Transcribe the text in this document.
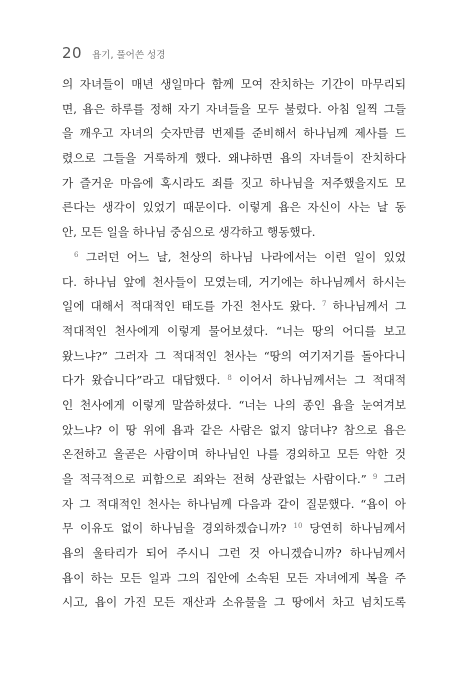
20 욥기, 풀어쓴 성경
의 자녀들이 매년 생일마다 함께 모여 잔치하는 기간이 마무리되
면, 욥은 하루를 정해 자기 자녀들을 모두 불렀다. 아침 일찍 그들
을 깨우고 자녀의 숫자만큼 번제를 준비해서 하나님께 제사를 드
렸으로 그들을 거룩하게 했다. 왜냐하면 욥의 자녀들이 잔치하다
가 즐거운 마음에 혹시라도 죄를 짓고 하나님을 저주했을지도 모
른다는 생각이 있었기 때문이다. 이렇게 욥은 자신이 사는 날 동
안, 모든 일을 하나님 중심으로 생각하고 행동했다.
$^6$ 그러던 어느 날, 천상의 하나님 나라에서는 이런 일이 있었
다. 하나님 앞에 천사들이 모였는데, 거기에는 하나님께서 하시는
일에 대해서 적대적인 태도를 가진 천사도 왔다. $^7$ 하나님께서 그
적대적인 천사에게 이렇게 물어보셨다. “너는 땅의 어디를 보고
왔느냐?” 그러자 그 적대적인 천사는 “땅의 여기저기를 돌아다니
다가 왔습니다”라고 대답했다. $^8$ 이어서 하나님께서는 그 적대적
인 천사에게 이렇게 말씀하셨다. “너는 나의 종인 욥을 눈여겨보
았느냐? 이 땅 위에 욥과 같은 사람은 없지 않더냐? 참으로 욥은
온전하고 올곧은 사람이며 하나님인 나를 경외하고 모든 악한 것
을 적극적으로 피함으로 죄와는 전혀 상관없는 사람이다.” $^9$ 그러
자 그 적대적인 천사는 하나님께 다음과 같이 질문했다. “욥이 아
무 이유도 없이 하나님을 경외하겠습니까? $^{10}$ 당연히 하나님께서
욥의 울타리가 되어 주시니 그런 것 아니겠습니까? 하나님께서
욥이 하는 모든 일과 그의 집안에 소속된 모든 자녀에게 복을 주
시고, 욥이 가진 모든 재산과 소유물을 그 땅에서 차고 넘치도록
